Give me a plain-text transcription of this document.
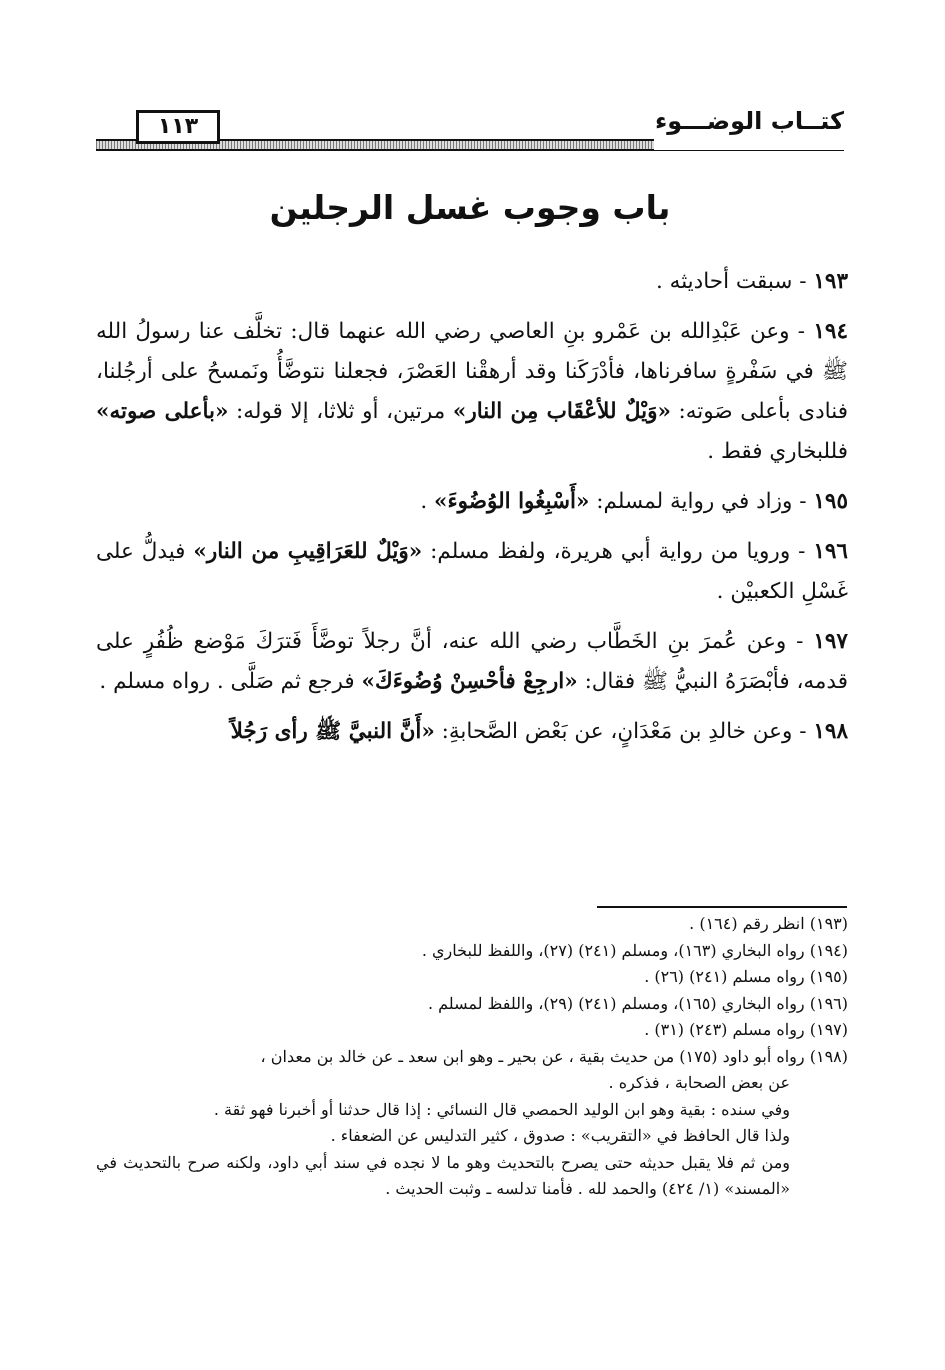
كتــاب الوضـــوء
١١٣
باب وجوب غسل الرجلين

١٩٣ - سبقت أحاديثه .

١٩٤ - وعن عَبْدِالله بن عَمْرو بنِ العاصي رضي الله عنهما قال: تخلَّف عنا رسولُ الله ﷺ في سَفْرةٍ سافرناها، فأدْرَكَنا وقد أرهقْنا العَصْرَ، فجعلنا نتوضَّأُ ونَمسحُ على أرجُلنا، فنادى بأعلى صَوته: «وَيْلٌ للأعْقَاب مِن النار» مرتين، أو ثلاثا، إلا قوله: «بأعلى صوته» فللبخاري فقط .

١٩٥ - وزاد في رواية لمسلم: «أَسْبِغُوا الوُضُوءَ» .

١٩٦ - ورويا من رواية أبي هريرة، ولفظ مسلم: «وَيْلٌ للعَرَاقِيبِ من النار» فيدلُّ على غَسْلِ الكعبيْن .

١٩٧ - وعن عُمرَ بنِ الخَطَّاب رضي الله عنه، أنَّ رجلاً توضَّأَ فَترَكَ مَوْضع ظُفُرٍ على قدمه، فأبْصَرَهُ النبيُّ ﷺ فقال: «ارجِعْ فأحْسِنْ وُضُوءَكَ» فرجع ثم صَلَّى . رواه مسلم .

١٩٨ - وعن خالدِ بن مَعْدَانٍ، عن بَعْض الصَّحابةِ: «أَنَّ النبيَّ ﷺ رأى رَجُلاً

(١٩٣) انظر رقم (١٦٤) .

(١٩٤) رواه البخاري (١٦٣)، ومسلم (٢٤١) (٢٧)، واللفظ للبخاري .

(١٩٥) رواه مسلم (٢٤١) (٢٦) .

(١٩٦) رواه البخاري (١٦٥)، ومسلم (٢٤١) (٢٩)، واللفظ لمسلم .

(١٩٧) رواه مسلم (٢٤٣) (٣١) .

(١٩٨) رواه أبو داود (١٧٥) من حديث بقية ، عن بحير ـ وهو ابن سعد ـ عن خالد بن معدان ،

عن بعض الصحابة ، فذكره .

وفي سنده : بقية وهو ابن الوليد الحمصي قال النسائي : إذا قال حدثنا أو أخبرنا فهو ثقة .

ولذا قال الحافظ في «التقريب» : صدوق ، كثير التدليس عن الضعفاء .

ومن ثم فلا يقبل حديثه حتى يصرح بالتحديث وهو ما لا نجده في سند أبي داود، ولكنه صرح بالتحديث في «المسند» (١/ ٤٢٤) والحمد لله . فأمنا تدلسه ـ وثبت الحديث .
